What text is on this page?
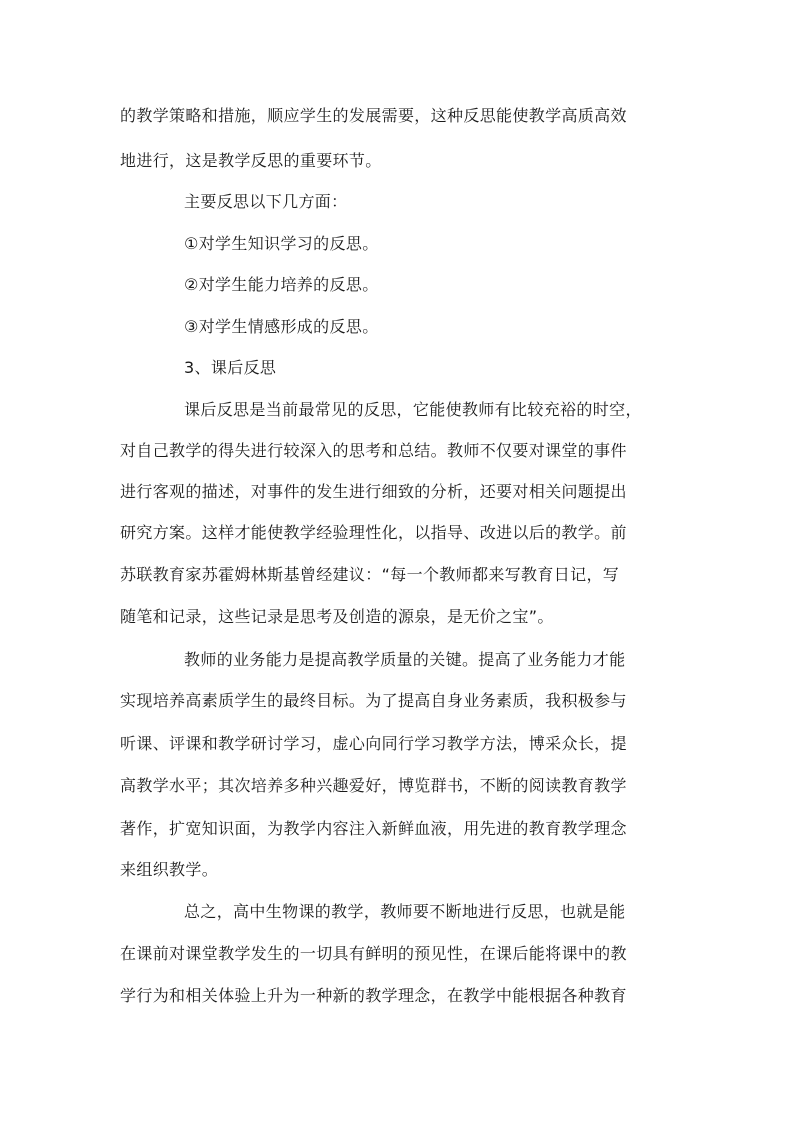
的教学策略和措施，顺应学生的发展需要，这种反思能使教学高质高效
地进行，这是教学反思的重要环节。
主要反思以下几方面：
①对学生知识学习的反思。
②对学生能力培养的反思。
③对学生情感形成的反思。
3、课后反思
课后反思是当前最常见的反思，它能使教师有比较充裕的时空，
对自己教学的得失进行较深入的思考和总结。教师不仅要对课堂的事件
进行客观的描述，对事件的发生进行细致的分析，还要对相关问题提出
研究方案。这样才能使教学经验理性化，以指导、改进以后的教学。前
苏联教育家苏霍姆林斯基曾经建议：“每一个教师都来写教育日记，写
随笔和记录，这些记录是思考及创造的源泉，是无价之宝”。
教师的业务能力是提高教学质量的关键。提高了业务能力才能
实现培养高素质学生的最终目标。为了提高自身业务素质，我积极参与
听课、评课和教学研讨学习，虚心向同行学习教学方法，博采众长，提
高教学水平；其次培养多种兴趣爱好，博览群书，不断的阅读教育教学
著作，扩宽知识面，为教学内容注入新鲜血液，用先进的教育教学理念
来组织教学。
总之，高中生物课的教学，教师要不断地进行反思，也就是能
在课前对课堂教学发生的一切具有鲜明的预见性，在课后能将课中的教
学行为和相关体验上升为一种新的教学理念，在教学中能根据各种教育
